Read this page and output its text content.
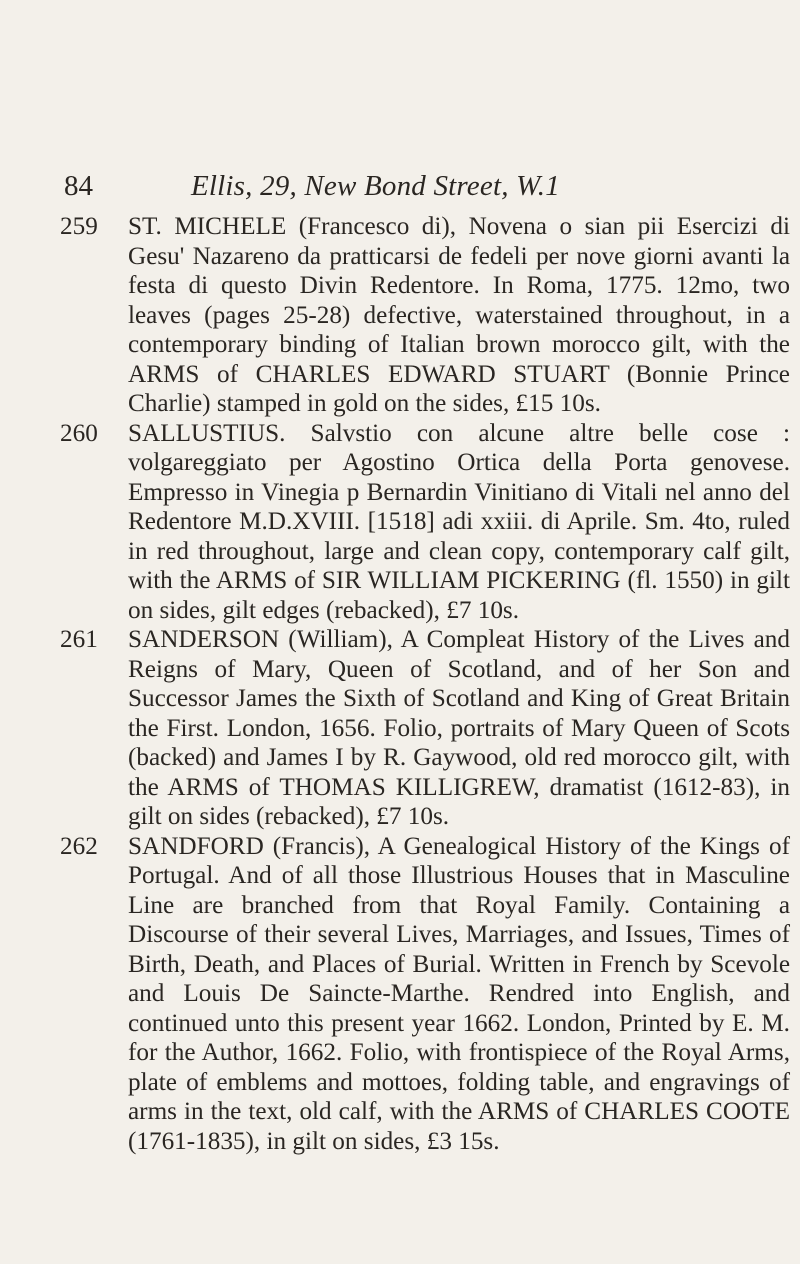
84	Ellis, 29, New Bond Street, W.1
259	ST. MICHELE (Francesco di), Novena o sian pii Esercizi di Gesu' Nazareno da pratticarsi de fedeli per nove giorni avanti la festa di questo Divin Redentore. In Roma, 1775. 12mo, two leaves (pages 25-28) defective, waterstained throughout, in a contemporary binding of Italian brown morocco gilt, with the ARMS of CHARLES EDWARD STUART (Bonnie Prince Charlie) stamped in gold on the sides, £15 10s.
260	SALLUSTIUS. Salvstio con alcune altre belle cose : volgareggiato per Agostino Ortica della Porta genovese. Empresso in Vinegia p Bernardin Vinitiano di Vitali nel anno del Redentore M.D.XVIII. [1518] adi xxiii. di Aprile. Sm. 4to, ruled in red throughout, large and clean copy, contemporary calf gilt, with the ARMS of SIR WILLIAM PICKERING (fl. 1550) in gilt on sides, gilt edges (rebacked), £7 10s.
261	SANDERSON (William), A Compleat History of the Lives and Reigns of Mary, Queen of Scotland, and of her Son and Successor James the Sixth of Scotland and King of Great Britain the First. London, 1656. Folio, portraits of Mary Queen of Scots (backed) and James I by R. Gaywood, old red morocco gilt, with the ARMS of THOMAS KILLIGREW, dramatist (1612-83), in gilt on sides (rebacked), £7 10s.
262	SANDFORD (Francis), A Genealogical History of the Kings of Portugal. And of all those Illustrious Houses that in Masculine Line are branched from that Royal Family. Containing a Discourse of their several Lives, Marriages, and Issues, Times of Birth, Death, and Places of Burial. Written in French by Scevole and Louis De Saincte-Marthe. Rendred into English, and continued unto this present year 1662. London, Printed by E. M. for the Author, 1662. Folio, with frontispiece of the Royal Arms, plate of emblems and mottoes, folding table, and engravings of arms in the text, old calf, with the ARMS of CHARLES COOTE (1761-1835), in gilt on sides, £3 15s.
